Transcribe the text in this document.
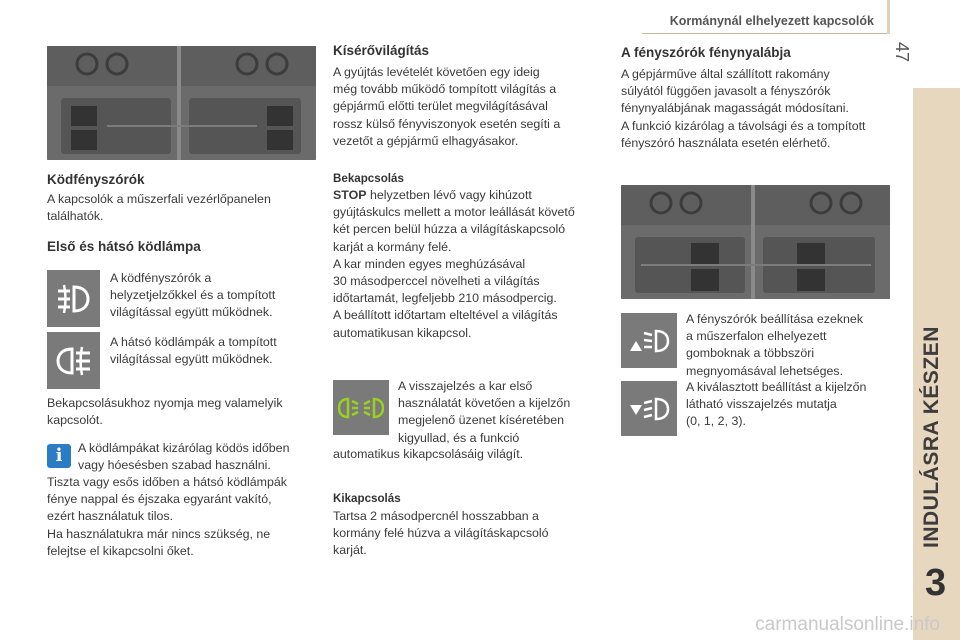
Kormánynál elhelyezett kapcsolók
47
INDULÁSRA KÉSZEN
3
Ködfényszórók
A kapcsolók a műszerfali vezérlőpanelen
találhatók.
Első és hátsó ködlámpa
A ködfényszórók a
helyzetjelzőkkel és a tompított
világítással együtt működnek.
A hátsó ködlámpák a tompított
világítással együtt működnek.
Bekapcsolásukhoz nyomja meg valamelyik
kapcsolót.
i	A ködlámpákat kizárólag ködös időben
vagy hóesésben szabad használni.
Tiszta vagy esős időben a hátsó ködlámpák
fénye nappal és éjszaka egyaránt vakító,
ezért használatuk tilos.
Ha használatukra már nincs szükség, ne
felejtse el kikapcsolni őket.
Kísérővilágítás
A gyújtás levételét követően egy ideig
még tovább működő tompított világítás a
gépjármű előtti terület megvilágításával
rossz külső fényviszonyok esetén segíti a
vezetőt a gépjármű elhagyásakor.
Bekapcsolás
STOP helyzetben lévő vagy kihúzott
gyújtáskulcs mellett a motor leállását követő
két percen belül húzza a világításkapcsoló
karját a kormány felé.
A kar minden egyes meghúzásával
30 másodperccel növelheti a világítás
időtartamát, legfeljebb 210 másodpercig.
A beállított időtartam elteltével a világítás
automatikusan kikapcsol.
A visszajelzés a kar első
használatát követően a kijelzőn
megjelenő üzenet kíséretében
kigyullad, és a funkció
automatikus kikapcsolásáig világít.
Kikapcsolás
Tartsa 2 másodpercnél hosszabban a
kormány felé húzva a világításkapcsoló
karját.
A fényszórók fénynyalábja
A gépjárműve által szállított rakomány
súlyától függően javasolt a fényszórók
fénynyalábjának magasságát módosítani.
A funkció kizárólag a távolsági és a tompított
fényszóró használata esetén elérhető.
A fényszórók beállítása ezeknek
a műszerfalon elhelyezett
gomboknak a többszöri
megnyomásával lehetséges.
A kiválasztott beállítást a kijelzőn
látható visszajelzés mutatja
(0, 1, 2, 3).
carmanualsonline.info
